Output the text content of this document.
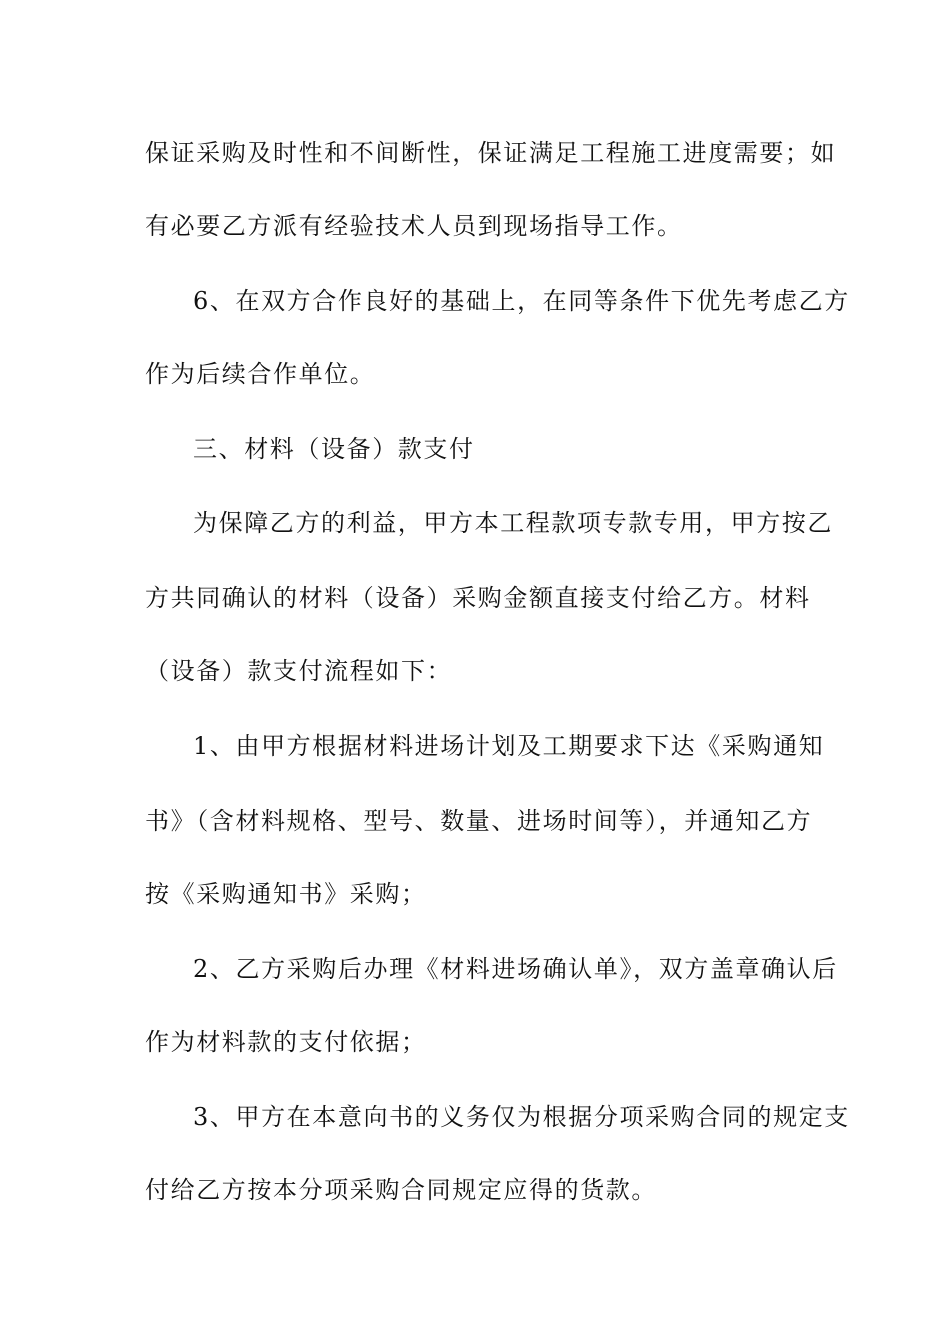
保证采购及时性和不间断性，保证满足工程施工进度需要；如
有必要乙方派有经验技术人员到现场指导工作。
6、在双方合作良好的基础上，在同等条件下优先考虑乙方
作为后续合作单位。
三、材料（设备）款支付
为保障乙方的利益，甲方本工程款项专款专用，甲方按乙
方共同确认的材料（设备）采购金额直接支付给乙方。材料
（设备）款支付流程如下：
1、由甲方根据材料进场计划及工期要求下达《采购通知
书》（含材料规格、型号、数量、进场时间等），并通知乙方
按《采购通知书》采购；
2、乙方采购后办理《材料进场确认单》，双方盖章确认后
作为材料款的支付依据；
3、甲方在本意向书的义务仅为根据分项采购合同的规定支
付给乙方按本分项采购合同规定应得的货款。
